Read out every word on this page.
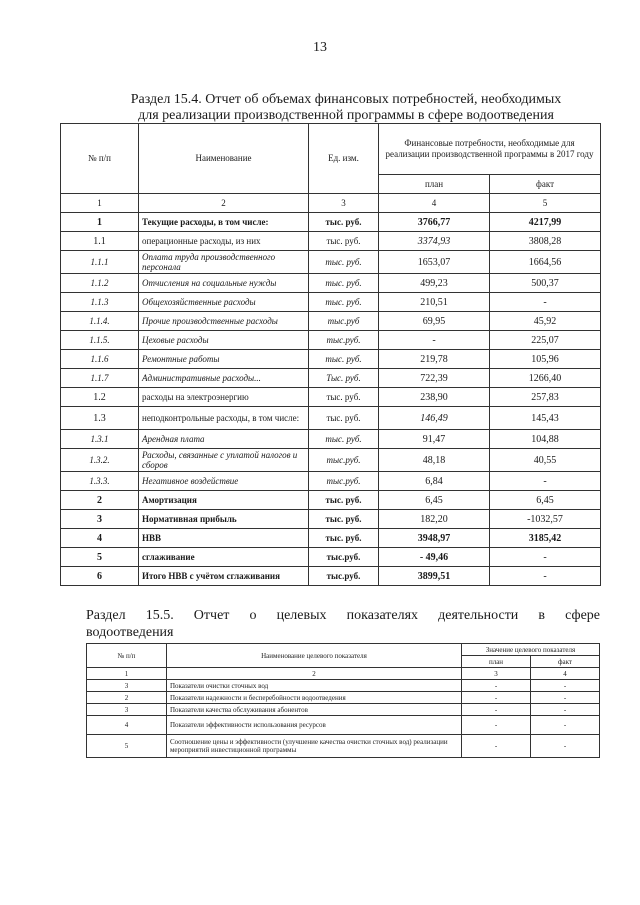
13
Раздел 15.4. Отчет об объемах финансовых потребностей, необходимых
для реализации производственной программы в сфере водоотведения
№ п/п	Наименование	Ед. изм.	Финансовые потребности, необходимые для реализации производственной программы в 2017 году	
			план	факт
1	2	3	4	5
1	Текущие расходы, в том числе:	тыс. руб.	3766,77	4217,99
1.1	операционные расходы, из них	тыс. руб.	3374,93	3808,28
1.1.1	Оплата труда производственного персонала	тыс. руб.	1653,07	1664,56
1.1.2	Отчисления на социальные нужды	тыс. руб.	499,23	500,37
1.1.3	Общехозяйственные расходы	тыс. руб.	210,51	-
1.1.4.	Прочие производственные расходы	тыс.руб	69,95	45,92
1.1.5.	Цеховые расходы	тыс.руб.	-	225,07
1.1.6	Ремонтные работы	тыс. руб.	219,78	105,96
1.1.7	Административные расходы...	Тыс. руб.	722,39	1266,40
1.2	расходы на электроэнергию	тыс. руб.	238,90	257,83
1.3	неподконтрольные расходы, в том числе:	тыс. руб.	146,49	145,43
1.3.1	Арендная плата	тыс. руб.	91,47	104,88
1.3.2.	Расходы, связанные с уплатой налогов и сборов	тыс.руб.	48,18	40,55
1.3.3.	Негативное воздействие	тыс.руб.	6,84	-
2	Амортизация	тыс. руб.	6,45	6,45
3	Нормативная прибыль	тыс. руб.	182,20	-1032,57
4	НВВ	тыс. руб.	3948,97	3185,42
5	сглаживание	тыс.руб.	- 49,46	-
6	Итого НВВ с учётом сглаживания	тыс.руб.	3899,51	-
Раздел 15.5. Отчет о целевых показателях деятельности в сфере
водоотведения
№ п/п	Наименование целевого показателя	Значение целевого показателя	
		план	факт
1	2	3	4
3	Показатели очистки сточных вод	-	-
2	Показатели надежности и бесперебойности водоотведения	-	-
3	Показатели качества обслуживания абонентов	-	-
4	Показатели эффективности использования ресурсов	-	-
5	Соотношение цены и эффективности (улучшение качества очистки сточных вод) реализации мероприятий инвестиционной программы	-	-
